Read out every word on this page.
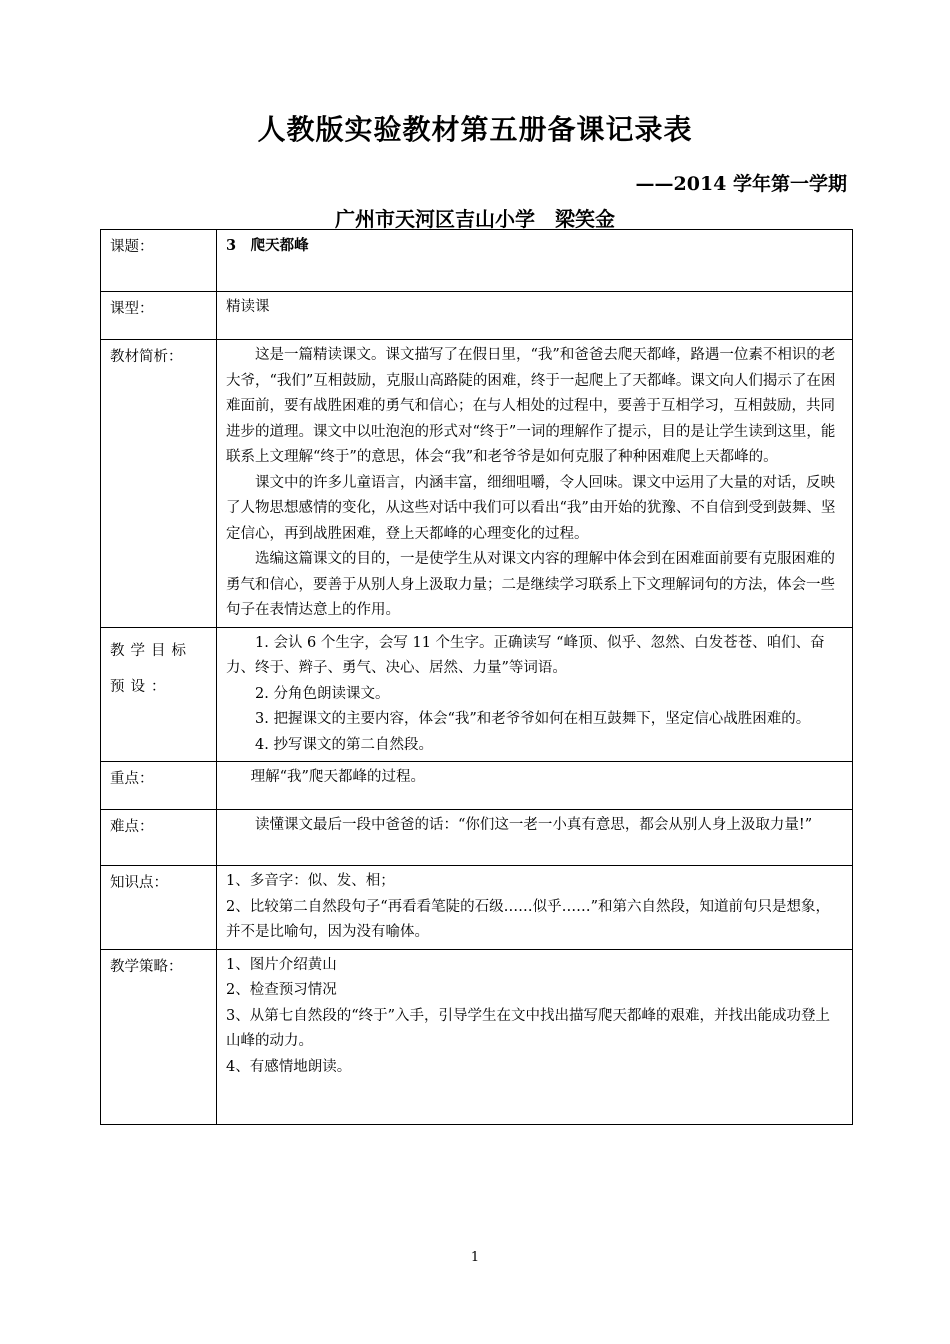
人教版实验教材第五册备课记录表
——2014 学年第一学期
广州市天河区吉山小学　梁笑金
课题：	3　爬天都峰
课型：	精读课
教材简析：	这是一篇精读课文。课文描写了在假日里，“我”和爸爸去爬天都峰，路遇一位素不相识的老大爷，“我们”互相鼓励，克服山高路陡的困难，终于一起爬上了天都峰。课文向人们揭示了在困难面前，要有战胜困难的勇气和信心；在与人相处的过程中，要善于互相学习，互相鼓励，共同进步的道理。课文中以吐泡泡的形式对“终于”一词的理解作了提示，目的是让学生读到这里，能联系上文理解“终于”的意思，体会“我”和老爷爷是如何克服了种种困难爬上天都峰的。

课文中的许多儿童语言，内涵丰富，细细咀嚼，令人回味。课文中运用了大量的对话，反映了人物思想感情的变化，从这些对话中我们可以看出“我”由开始的犹豫、不自信到受到鼓舞、坚定信心，再到战胜困难，登上天都峰的心理变化的过程。

选编这篇课文的目的，一是使学生从对课文内容的理解中体会到在困难面前要有克服困难的勇气和信心，要善于从别人身上汲取力量；二是继续学习联系上下文理解词句的方法，体会一些句子在表情达意上的作用。

教学目标预设：	1. 会认 6 个生字，会写 11 个生字。正确读写 “峰顶、似乎、忽然、白发苍苍、咱们、奋力、终于、辫子、勇气、决心、居然、力量”等词语。

2. 分角色朗读课文。

3. 把握课文的主要内容，体会“我”和老爷爷如何在相互鼓舞下，坚定信心战胜困难的。

4. 抄写课文的第二自然段。

重点：	理解“我”爬天都峰的过程。

难点：	读懂课文最后一段中爸爸的话：“你们这一老一小真有意思，都会从别人身上汲取力量!”

知识点：	1、多音字：似、发、相；

2、比较第二自然段句子“再看看笔陡的石级……似乎……”和第六自然段，知道前句只是想象，并不是比喻句，因为没有喻体。

教学策略：	1、图片介绍黄山

2、检查预习情况

3、从第七自然段的“终于”入手，引导学生在文中找出描写爬天都峰的艰难，并找出能成功登上山峰的动力。

4、有感情地朗读。

1
